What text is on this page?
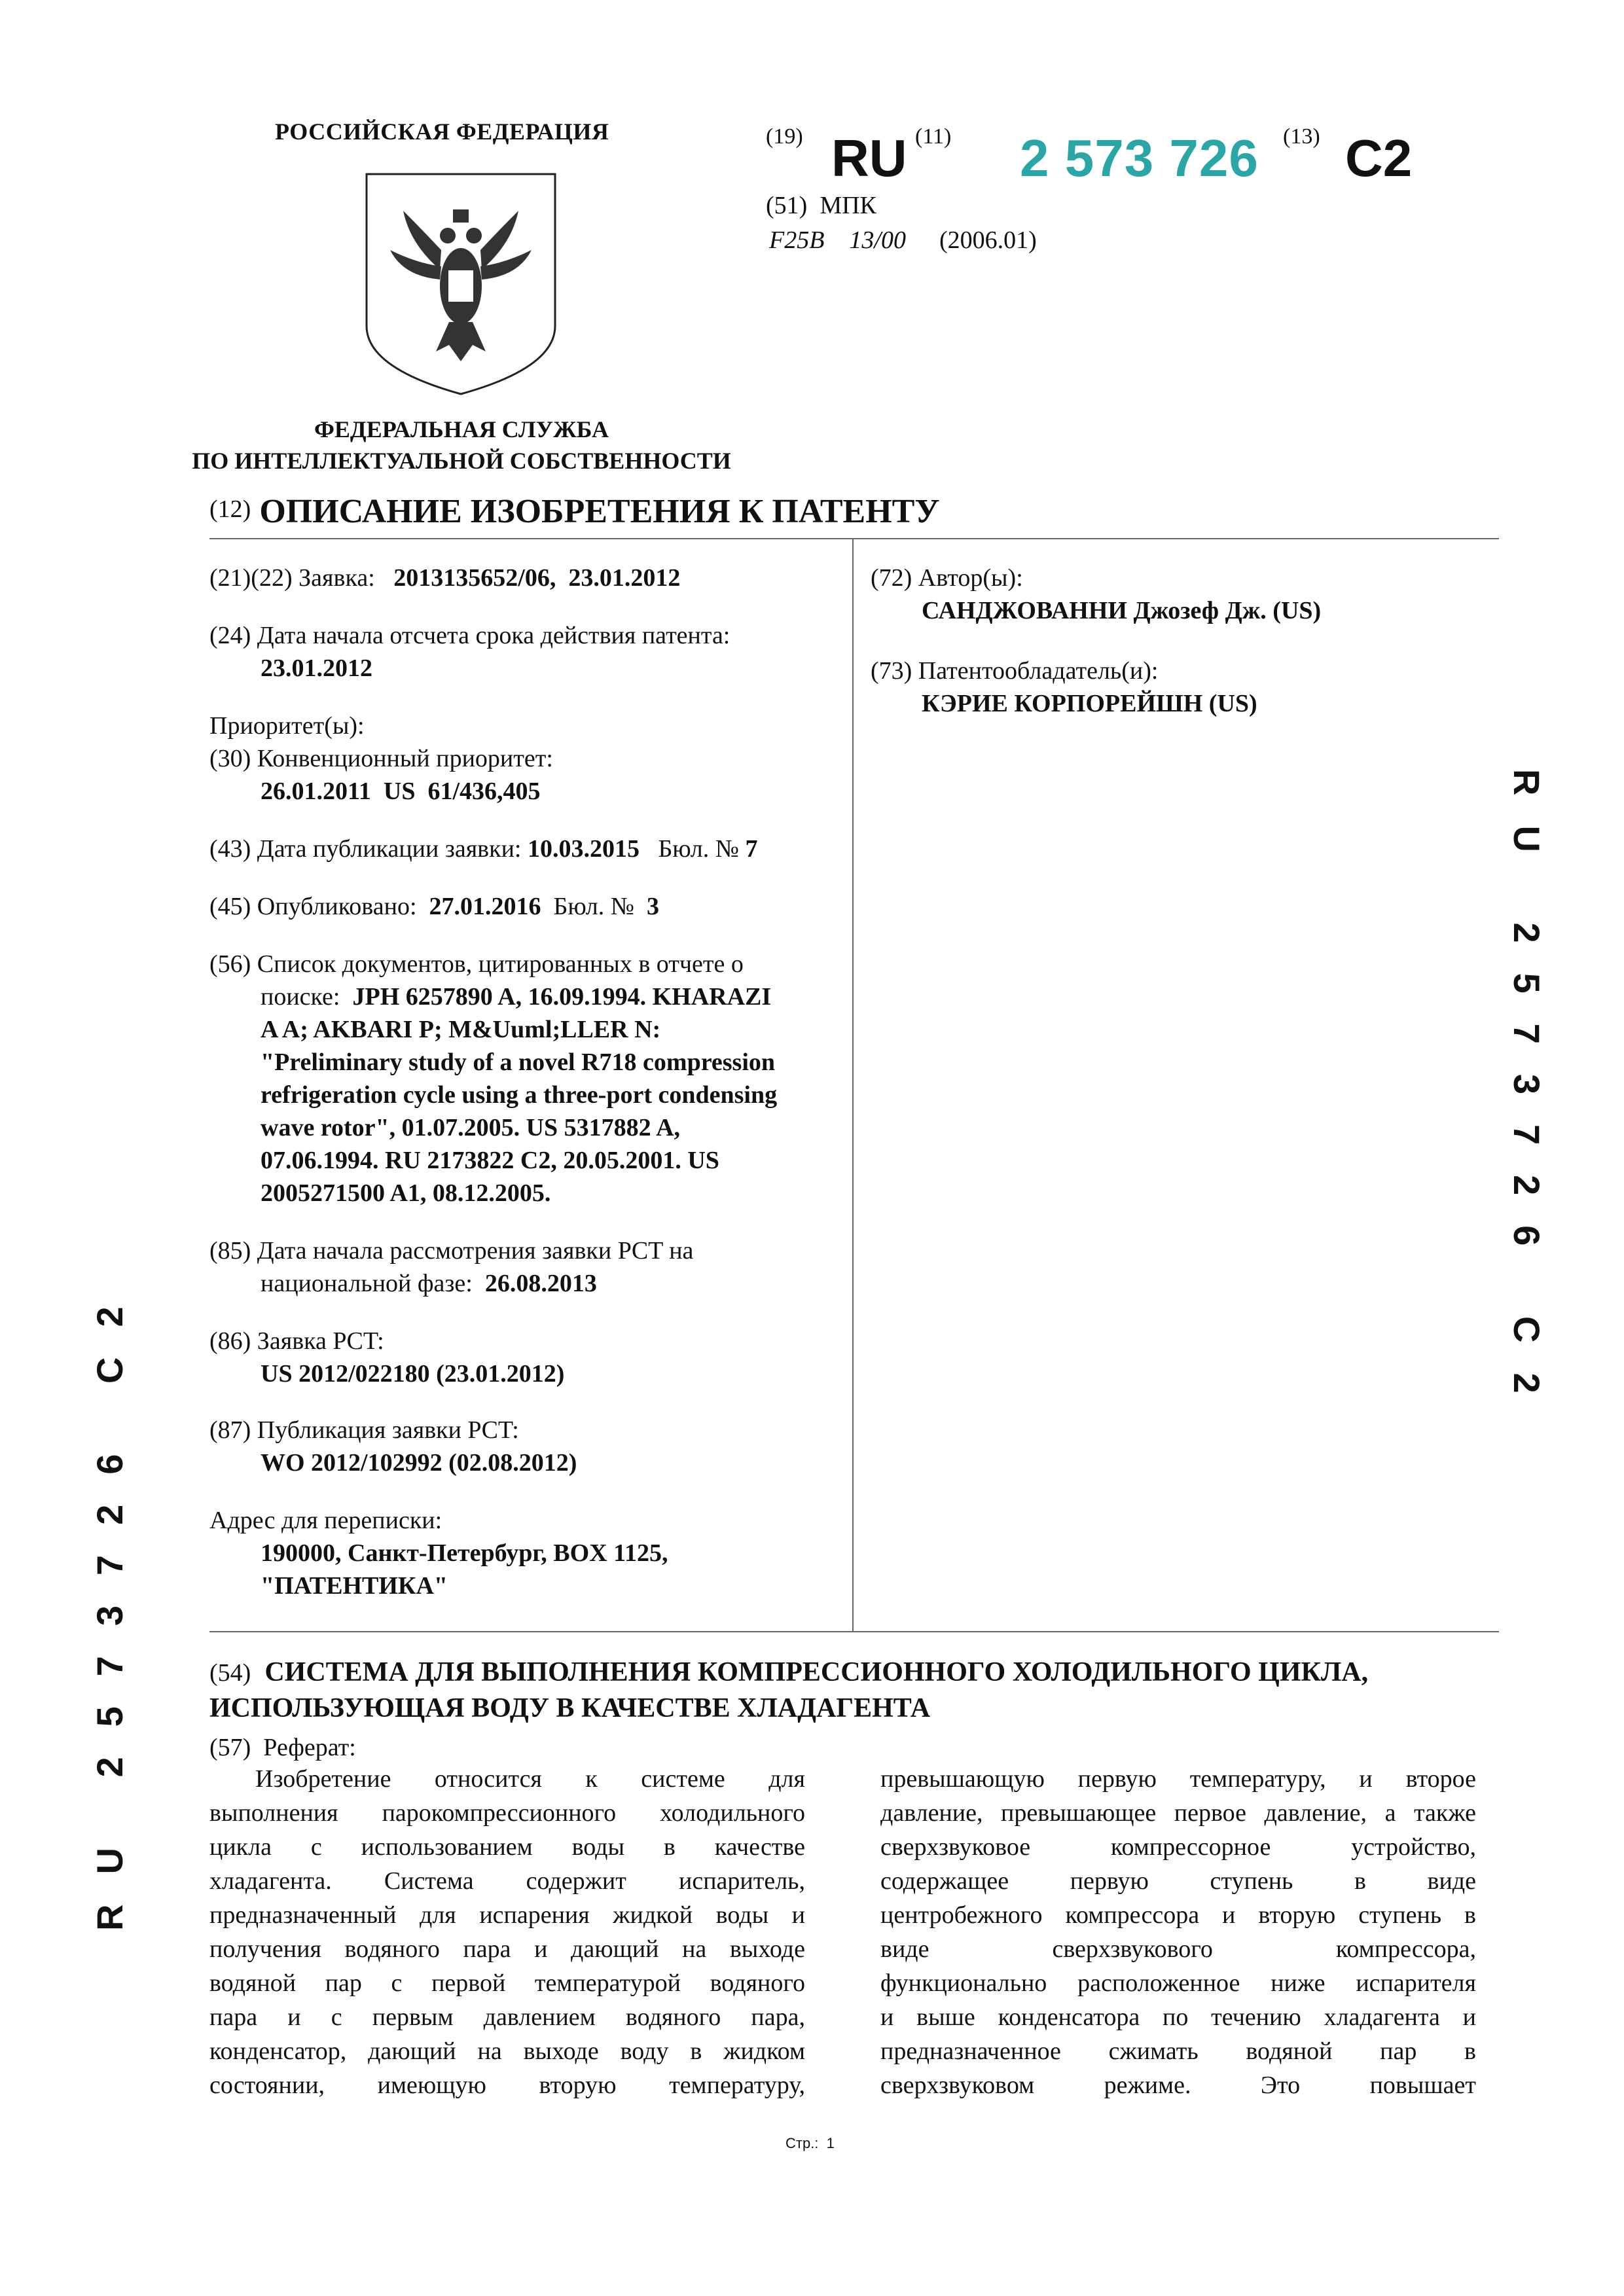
РОССИЙСКАЯ ФЕДЕРАЦИЯ
ФЕДЕРАЛЬНАЯ СЛУЖБА
ПО ИНТЕЛЛЕКТУАЛЬНОЙ СОБСТВЕННОСТИ
(19) RU (11) 2 573 726 (13) C2
(51) МПК
F25B    13/00 (2006.01)
$^{(12)}$ ОПИСАНИЕ ИЗОБРЕТЕНИЯ К ПАТЕНТУ
(21)(22) Заявка: 2013135652/06,  23.01.2012
(24) Дата начала отсчета срока действия патента:
23.01.2012
Приоритет(ы):
(30) Конвенционный приоритет:
26.01.2011  US  61/436,405
(43) Дата публикации заявки: 10.03.2015 Бюл. № 7
(45) Опубликовано: 27.01.2016 Бюл. № 3
(56) Список документов, цитированных в отчете о
поиске: JPH 6257890 A, 16.09.1994. KHARAZI
A A; AKBARI P; M&Uuml;LLER N:
"Preliminary study of a novel R718 compression
refrigeration cycle using a three-port condensing
wave rotor", 01.07.2005. US 5317882 A,
07.06.1994. RU 2173822 C2, 20.05.2001. US
2005271500 A1, 08.12.2005.
(85) Дата начала рассмотрения заявки PCT на
национальной фазе: 26.08.2013
(86) Заявка PCT:
US 2012/022180 (23.01.2012)
(87) Публикация заявки PCT:
WO 2012/102992 (02.08.2012)
Адрес для переписки:
190000, Санкт-Петербург, BOX 1125,
"ПАТЕНТИКА"
(72) Автор(ы):
САНДЖОВАННИ Джозеф Дж. (US)
(73) Патентообладатель(и):
КЭРИЕ КОРПОРЕЙШН (US)
RU 2573726 C2
RU 2573726 C2	(54) СИСТЕМА ДЛЯ ВЫПОЛНЕНИЯ КОМПРЕССИОННОГО ХОЛОДИЛЬНОГО ЦИКЛА,
ИСПОЛЬЗУЮЩАЯ ВОДУ В КАЧЕСТВЕ ХЛАДАГЕНТА
(57)  Реферат:
Изобретение относится к системе для
выполнения парокомпрессионного холодильного
цикла с использованием воды в качестве
хладагента. Система содержит испаритель,
предназначенный для испарения жидкой воды и
получения водяного пара и дающий на выходе
водяной пар с первой температурой водяного
пара и с первым давлением водяного пара,
конденсатор, дающий на выходе воду в жидком
состоянии, имеющую вторую температуру,
превышающую первую температуру, и второе
давление, превышающее первое давление, а также
сверхзвуковое компрессорное устройство,
содержащее первую ступень в виде
центробежного компрессора и вторую ступень в
виде сверхзвукового компрессора,
функционально расположенное ниже испарителя
и выше конденсатора по течению хладагента и
предназначенное сжимать водяной пар в
сверхзвуковом режиме. Это повышает
Стр.:  1
